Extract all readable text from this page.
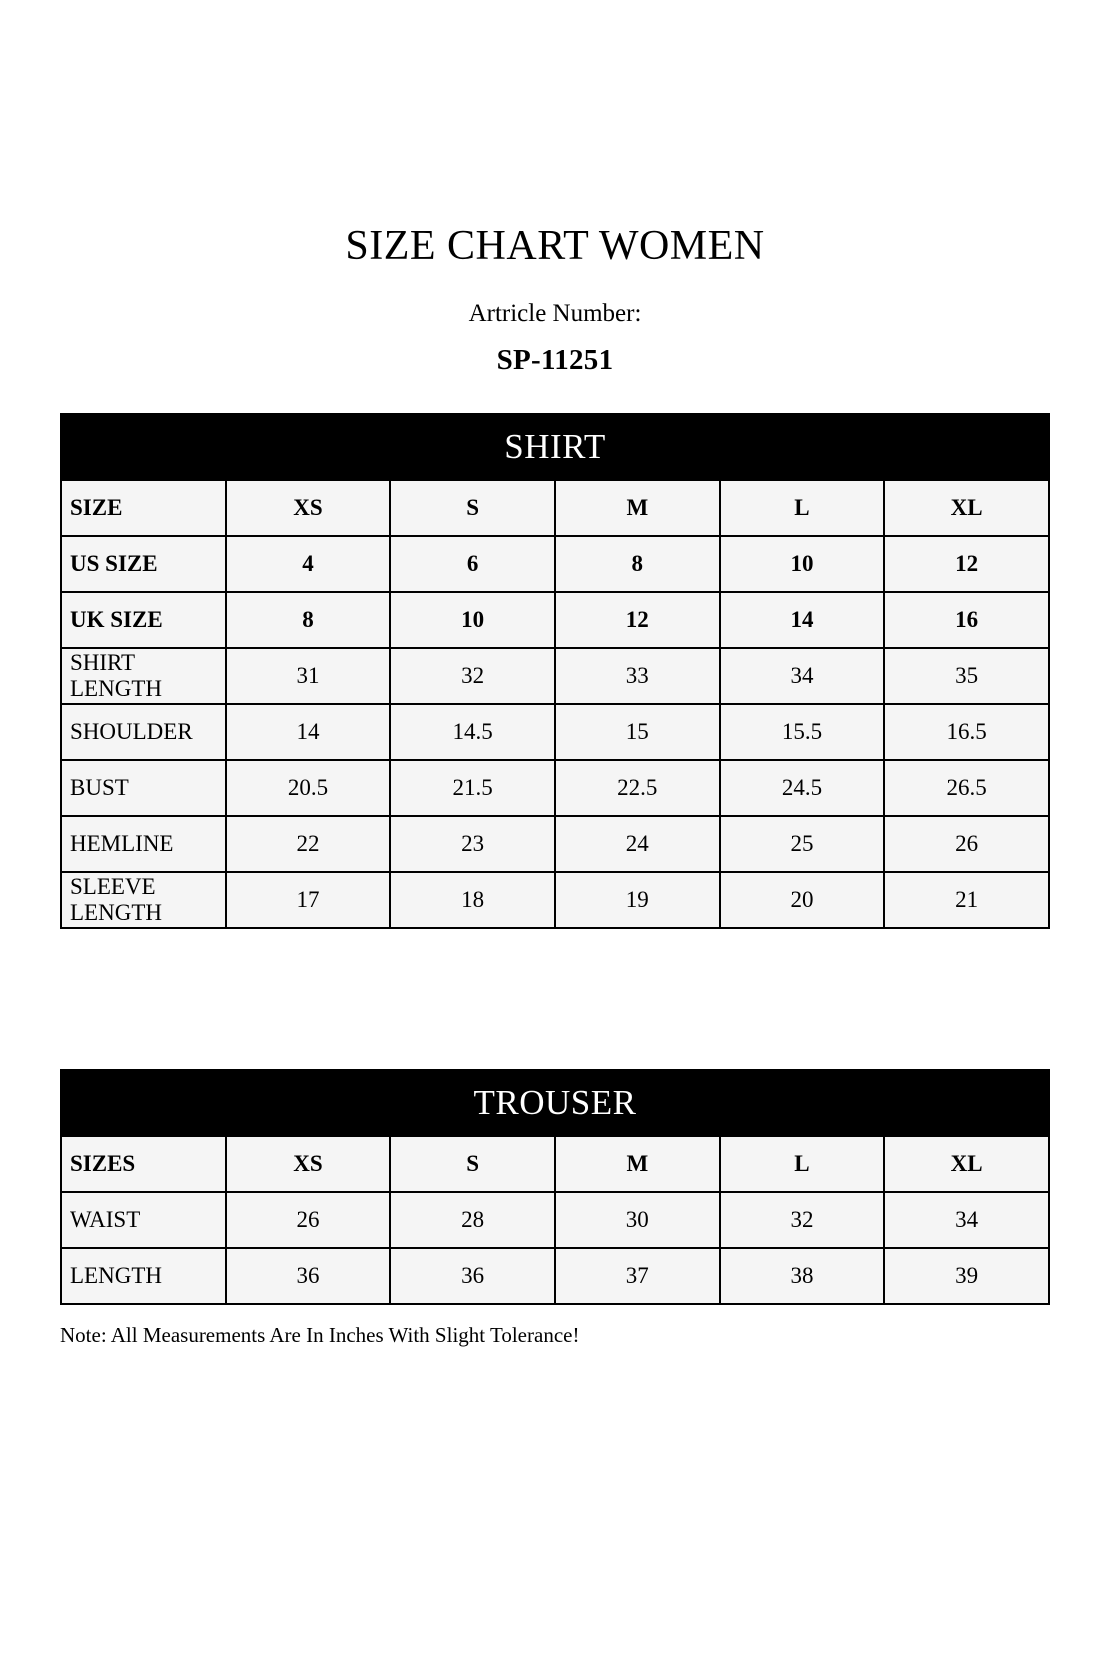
SIZE CHART WOMEN
Artricle Number:
SP-11251
SHIRT					
SIZE	XS	S	M	L	XL
US SIZE	4	6	8	10	12
UK SIZE	8	10	12	14	16
SHIRT LENGTH	31	32	33	34	35
SHOULDER	14	14.5	15	15.5	16.5
BUST	20.5	21.5	22.5	24.5	26.5
HEMLINE	22	23	24	25	26
SLEEVE LENGTH	17	18	19	20	21
TROUSER					
SIZES	XS	S	M	L	XL
WAIST	26	28	30	32	34
LENGTH	36	36	37	38	39
Note: All Measurements Are In Inches With Slight Tolerance!
